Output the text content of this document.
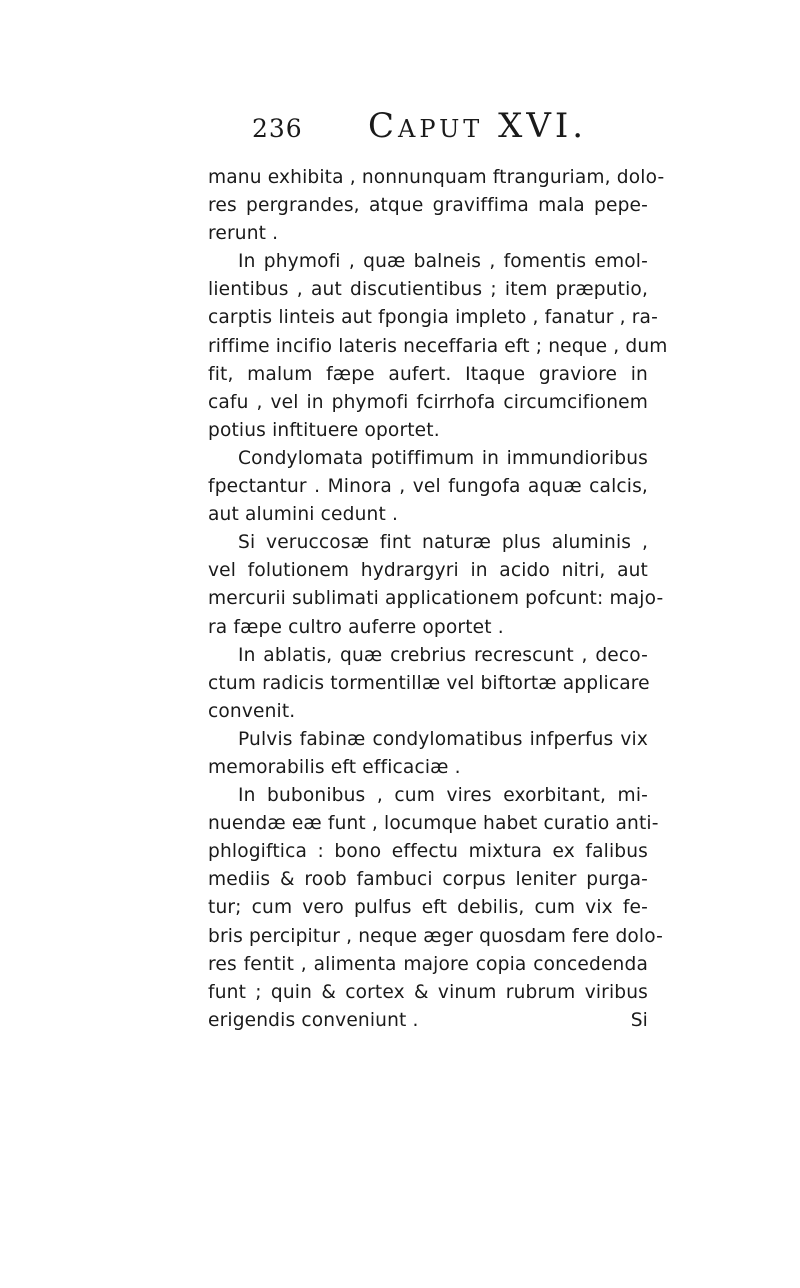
236 Caput XVI.
manu exhibita , nonnunquam ftranguriam, dolo-
res pergrandes, atque graviffima mala pepe-
rerunt .
In phymofi , quæ balneis , fomentis emol-
lientibus , aut discutientibus ; item præputio,
carptis linteis aut fpongia impleto , fanatur , ra-
riffime incifio lateris neceffaria eft ; neque , dum
fit, malum fæpe aufert. Itaque graviore in
cafu , vel in phymofi fcirrhofa circumcifionem
potius inftituere oportet.
Condylomata potiffimum in immundioribus
fpectantur . Minora , vel fungofa aquæ calcis,
aut alumini cedunt .
Si veruccosæ fint naturæ plus aluminis ,
vel folutionem hydrargyri in acido nitri, aut
mercurii sublimati applicationem pofcunt: majo-
ra fæpe cultro auferre oportet .
In ablatis, quæ crebrius recrescunt , deco-
ctum radicis tormentillæ vel biftortæ applicare
convenit.
Pulvis fabinæ condylomatibus infperfus vix
memorabilis eft efficaciæ .
In bubonibus , cum vires exorbitant, mi-
nuendæ eæ funt , locumque habet curatio anti-
phlogiftica : bono effectu mixtura ex falibus
mediis & roob fambuci corpus leniter purga-
tur; cum vero pulfus eft debilis, cum vix fe-
bris percipitur , neque æger quosdam fere dolo-
res fentit , alimenta majore copia concedenda
funt ; quin & cortex & vinum rubrum viribus
erigendis conveniunt .	Si
